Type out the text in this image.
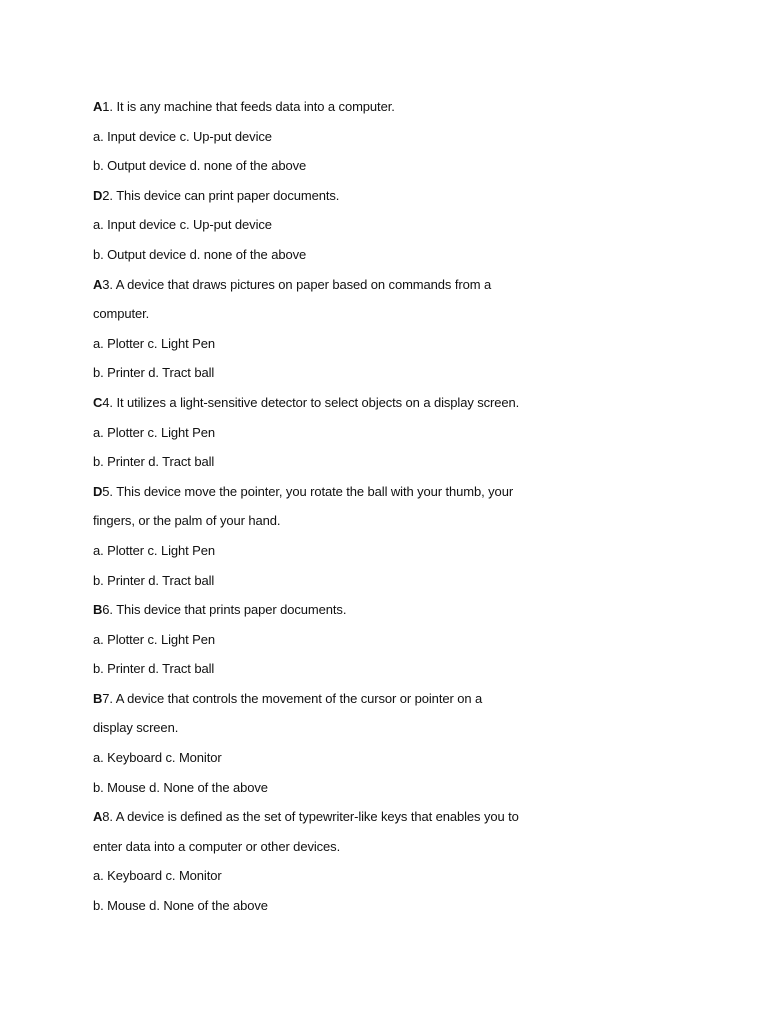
A1. It is any machine that feeds data into a computer.
a. Input device c. Up-put device
b. Output device d. none of the above
D2. This device can print paper documents.
a. Input device c. Up-put device
b. Output device d. none of the above
A3. A device that draws pictures on paper based on commands from a
computer.
a. Plotter c. Light Pen
b. Printer d. Tract ball
C4. It utilizes a light-sensitive detector to select objects on a display screen.
a. Plotter c. Light Pen
b. Printer d. Tract ball
D5. This device move the pointer, you rotate the ball with your thumb, your
fingers, or the palm of your hand.
a. Plotter c. Light Pen
b. Printer d. Tract ball
B6. This device that prints paper documents.
a. Plotter c. Light Pen
b. Printer d. Tract ball
B7. A device that controls the movement of the cursor or pointer on a
display screen.
a. Keyboard c. Monitor
b. Mouse d. None of the above
A8. A device is defined as the set of typewriter-like keys that enables you to
enter data into a computer or other devices.
a. Keyboard c. Monitor
b. Mouse d. None of the above
